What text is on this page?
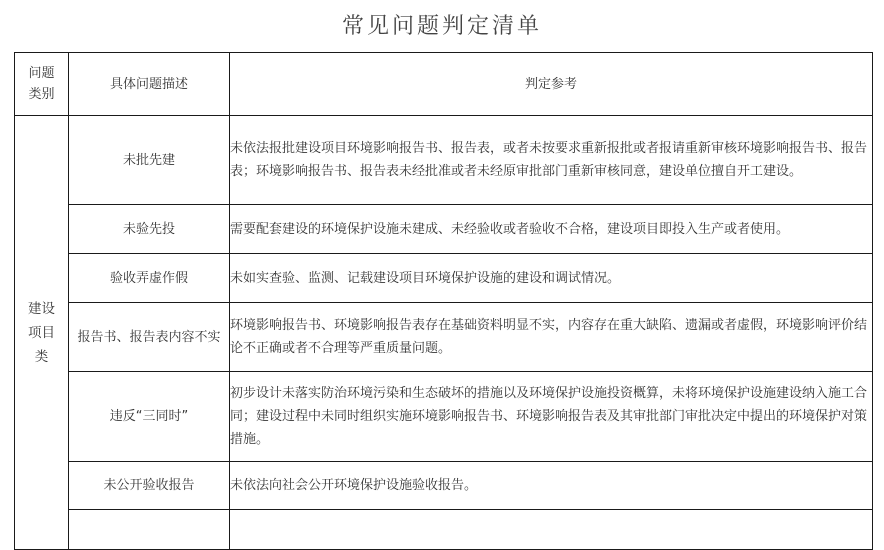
常见问题判定清单
问题类别	具体问题描述	判定参考
建设项目类	未批先建	未依法报批建设项目环境影响报告书、报告表，或者未按要求重新报批或者报请重新审核环境影响报告书、报告表；环境影响报告书、报告表未经批准或者未经原审批部门重新审核同意，建设单位擅自开工建设。
	未验先投	需要配套建设的环境保护设施未建成、未经验收或者验收不合格，建设项目即投入生产或者使用。
	验收弄虚作假	未如实查验、监测、记载建设项目环境保护设施的建设和调试情况。
	报告书、报告表内容不实	环境影响报告书、环境影响报告表存在基础资料明显不实，内容存在重大缺陷、遗漏或者虚假，环境影响评价结论不正确或者不合理等严重质量问题。
	违反“三同时”	初步设计未落实防治环境污染和生态破坏的措施以及环境保护设施投资概算，未将环境保护设施建设纳入施工合同；建设过程中未同时组织实施环境影响报告书、环境影响报告表及其审批部门审批决定中提出的环境保护对策措施。
	未公开验收报告	未依法向社会公开环境保护设施验收报告。
